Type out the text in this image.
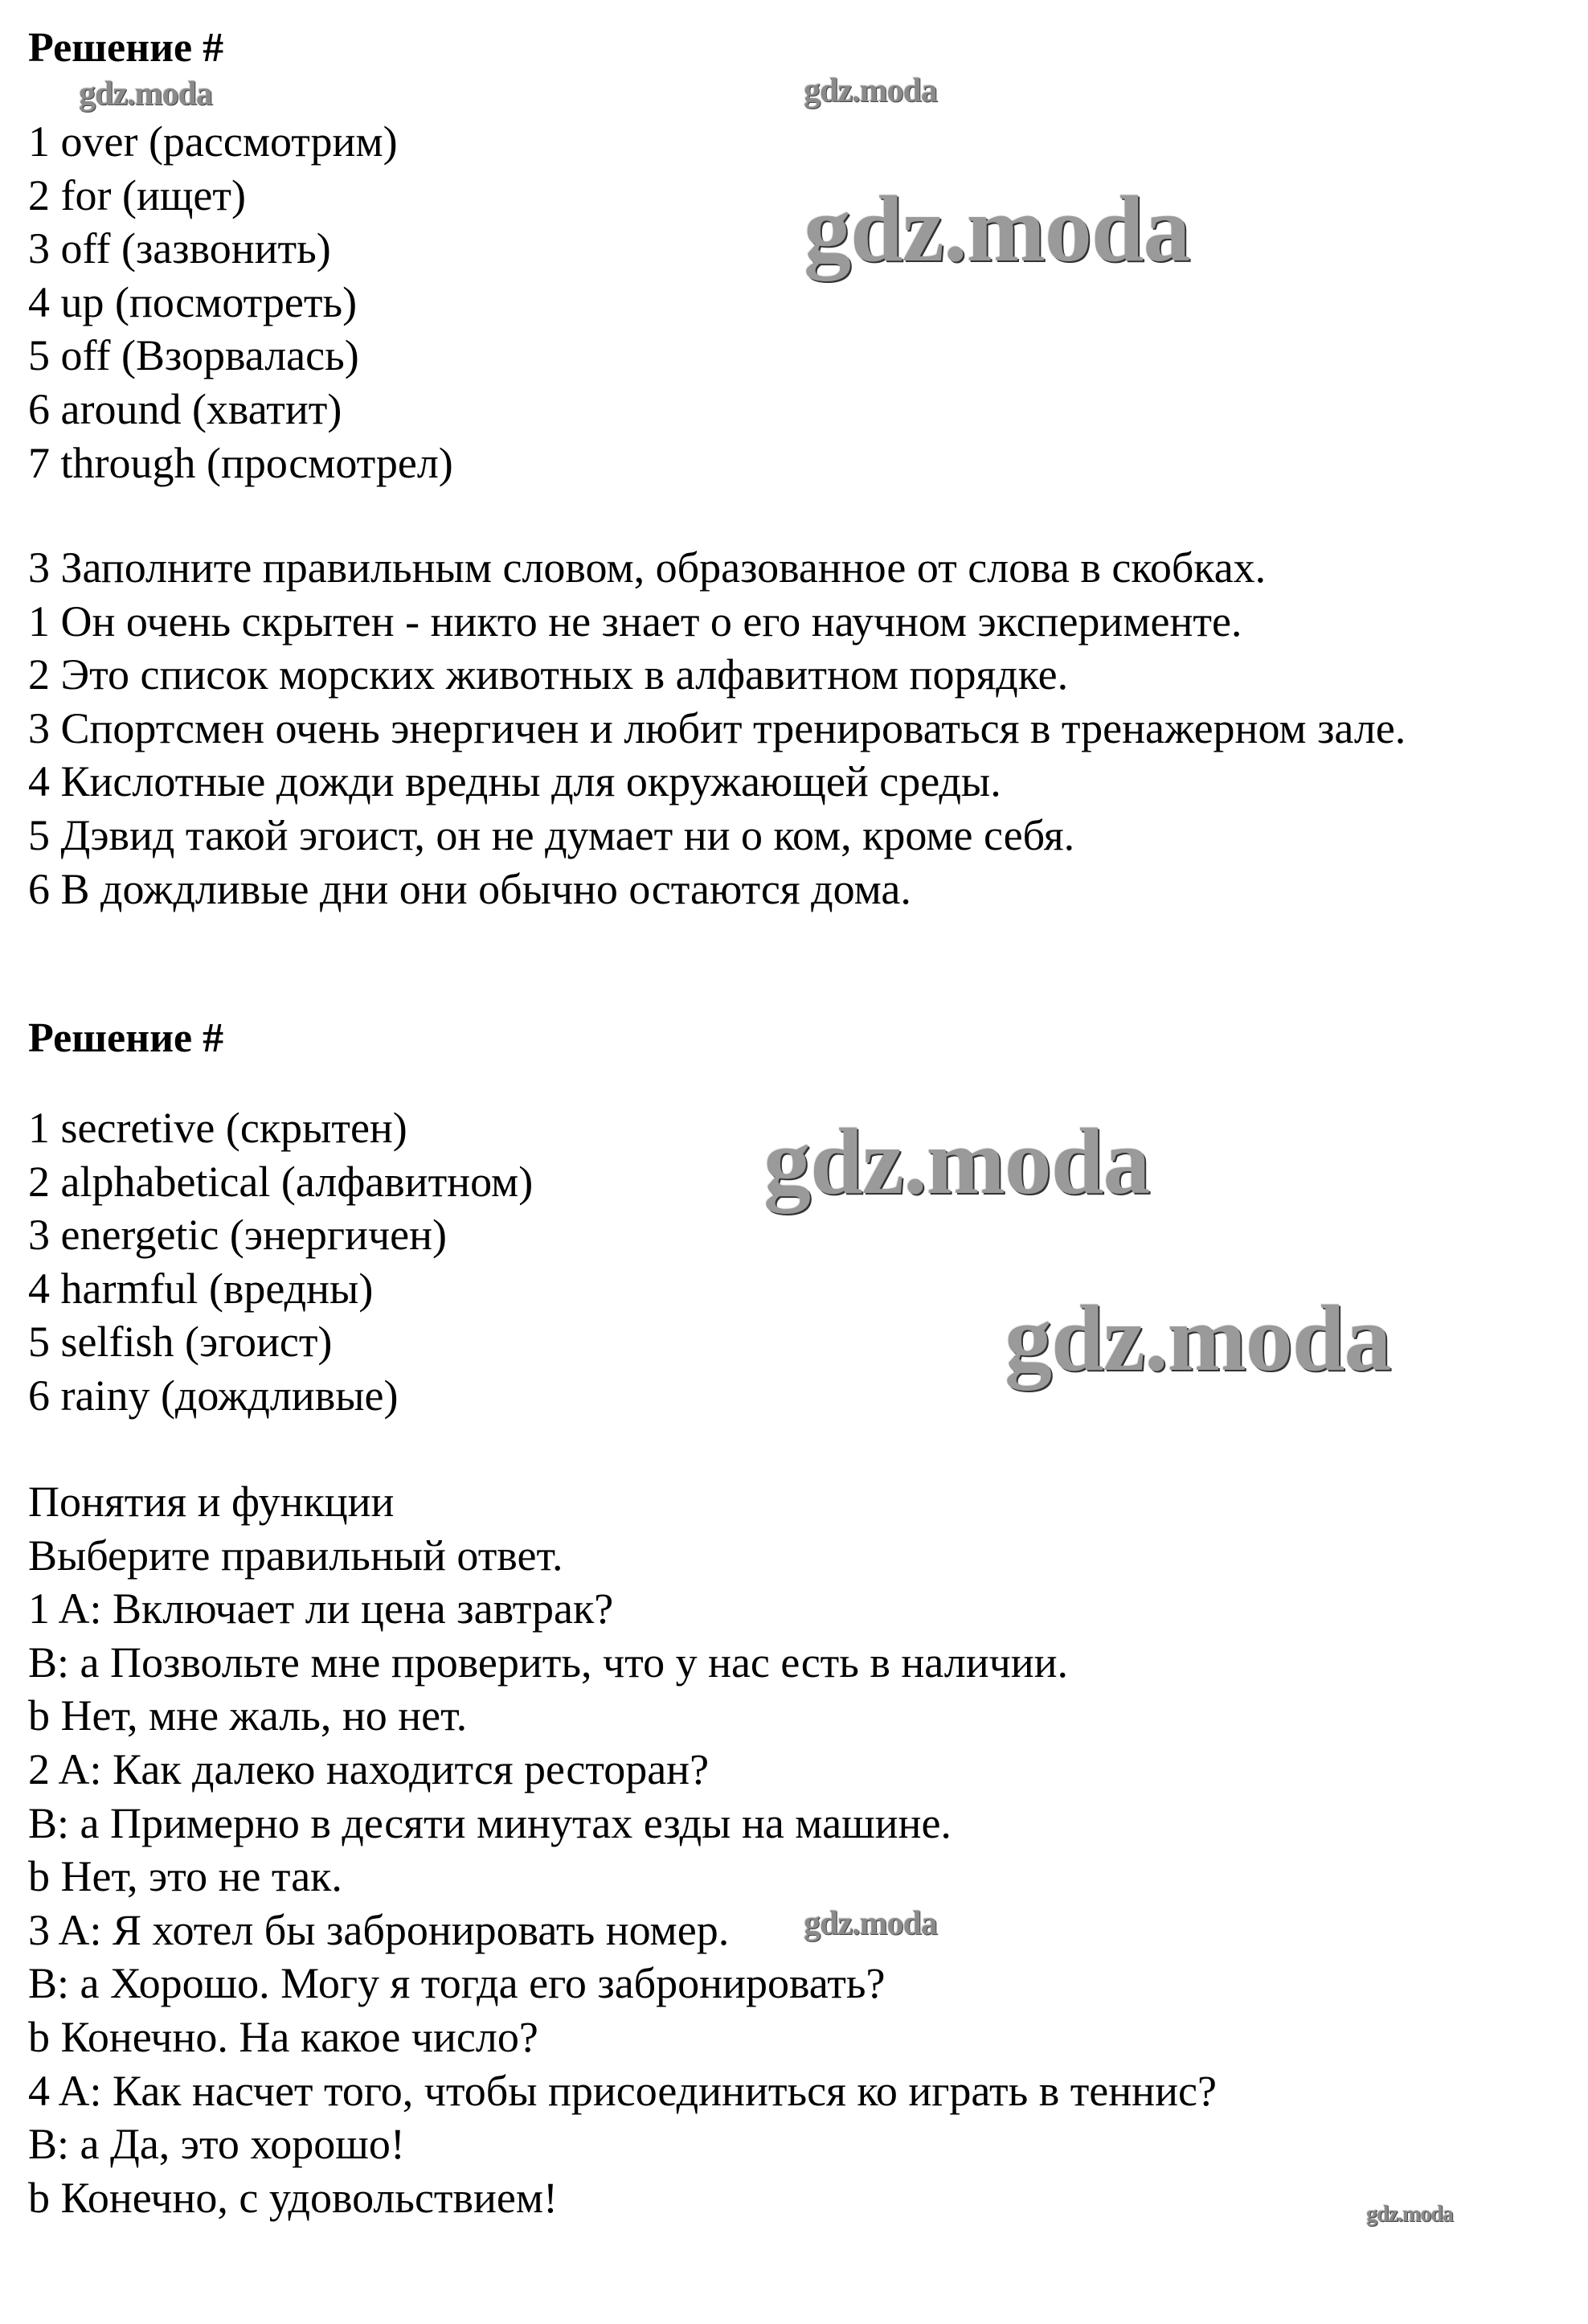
Решение #
1 over (рассмотрим)
2 for (ищет)
3 off (зазвонить)
4 up (посмотреть)
5 off (Взорвалась)
6 around (хватит)
7 through (просмотрел)
3 Заполните правильным словом, образованное от слова в скобках.
1 Он очень скрытен - никто не знает о его научном эксперименте.
2 Это список морских животных в алфавитном порядке.
3 Спортсмен очень энергичен и любит тренироваться в тренажерном зале.
4 Кислотные дожди вредны для окружающей среды.
5 Дэвид такой эгоист, он не думает ни о ком, кроме себя.
6 В дождливые дни они обычно остаются дома.
Решение #
1 secretive (скрытен)
2 alphabetical (алфавитном)
3 energetic (энергичен)
4 harmful (вредны)
5 selfish (эгоист)
6 rainy (дождливые)
Понятия и функции
Выберите правильный ответ.
1 A: Включает ли цена завтрак?
B: a Позвольте мне проверить, что у нас есть в наличии.
b Нет, мне жаль, но нет.
2 A: Как далеко находится ресторан?
B: a Примерно в десяти минутах езды на машине.
b Нет, это не так.
3 A: Я хотел бы забронировать номер.
B: a Хорошо. Могу я тогда его забронировать?
b Конечно. На какое число?
4 A: Как насчет того, чтобы присоединиться ко играть в теннис?
B: a Да, это хорошо!
b Конечно, с удовольствием!
gdz.moda
gdz.moda
gdz.moda
gdz.moda
gdz.moda
gdz.moda
gdz.moda
